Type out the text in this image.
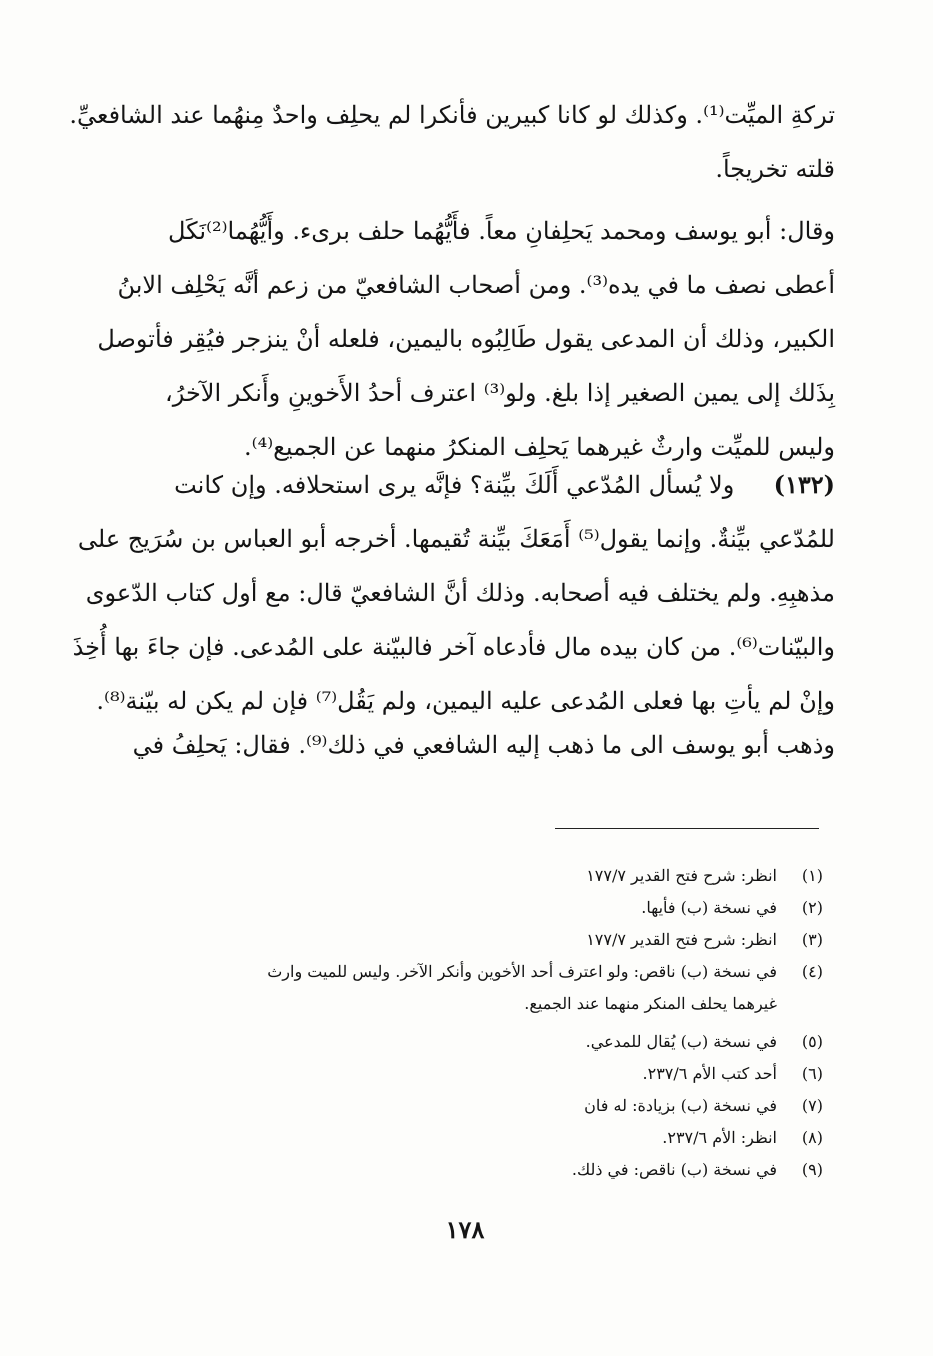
تركةِ الميِّت⁽¹⁾. وكذلك لو كانا كبيرين فأنكرا لم يحلِف واحدٌ مِنهُما عند الشافعيِّ.
قلته تخريجاً.
وقال: أبو يوسف ومحمد يَحلِفانِ معاً. فأَيُّهُما حلف برىء. وأَيُّهُما⁽²⁾نَكَل
أعطى نصف ما في يده⁽³⁾. ومن أصحاب الشافعيّ من زعم أنَّه يَحْلِف الابنُ
الكبير، وذلك أن المدعى يقول طَالِبُوه باليمين، فلعله أنْ ينزجر فيُقِر فأتوصل
بِذَلك إلى يمين الصغير إذا بلغ. ولو⁽³⁾ اعترف أحدُ الأَخوينِ وأَنكر الآخرُ،
وليس للميِّت وارثٌ غيرهما يَحلِف المنكرُ منهما عن الجميع⁽⁴⁾.
(١٣٢)   ولا يُسأل المُدّعي أَلَكَ بيِّنة؟ فإنَّه يرى استحلافه. وإن كانت
للمُدّعي بيِّنةٌ. وإنما يقول⁽⁵⁾ أَمَعَكَ بيِّنة تُقيمها. أخرجه أبو العباس بن سُرَيج على
مذهبِهِ. ولم يختلف فيه أصحابه. وذلك أنَّ الشافعيّ قال: مع أول كتاب الدّعوى
والبيّنات⁽⁶⁾. من كان بيده مال فأدعاه آخر فالبيّنة على المُدعى. فإن جاءَ بها أُخِذَ
وإنْ لم يأتِ بها فعلى المُدعى عليه اليمين، ولم يَقُل⁽⁷⁾ فإن لم يكن له بيّنة⁽⁸⁾.
وذهب أبو يوسف الى ما ذهب إليه الشافعي في ذلك⁽⁹⁾. فقال: يَحلِفُ في
(١)انظر: شرح فتح القدير ١٧٧/٧
(٢)في نسخة (ب) فأيها.
(٣)انظر: شرح فتح القدير ١٧٧/٧
(٤)في نسخة (ب) ناقص: ولو اعترف أحد الأخوين وأنكر الآخر. وليس للميت وارث
غيرهما يحلف المنكر منهما عند الجميع.
(٥)في نسخة (ب) يُقال للمدعي.
(٦)أحد كتب الأم ٢٣٧/٦.
(٧)في نسخة (ب) بزيادة: له فان
(٨)انظر: الأم ٢٣٧/٦.
(٩)في نسخة (ب) ناقص: في ذلك.
١٧٨
